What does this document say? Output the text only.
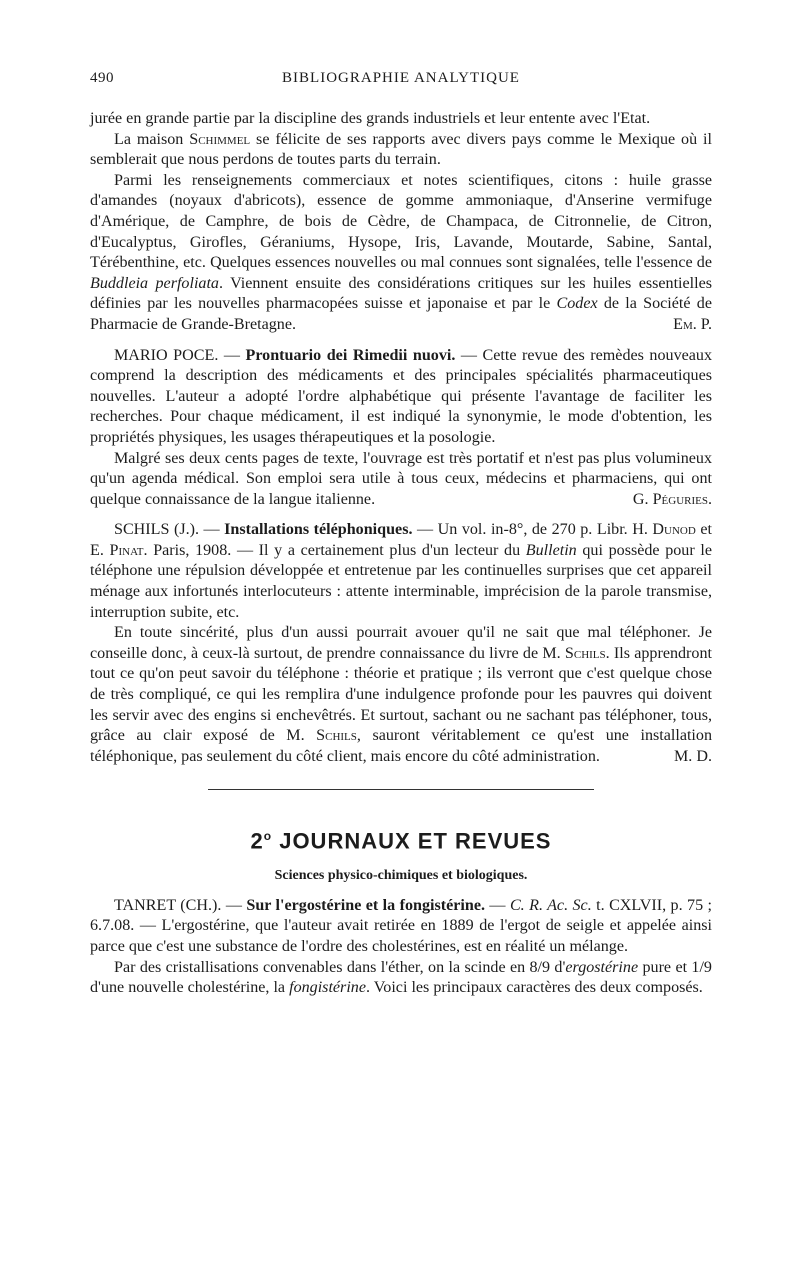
490	BIBLIOGRAPHIE ANALYTIQUE

jurée en grande partie par la discipline des grands industriels et leur entente avec l'Etat.

La maison Schimmel se félicite de ses rapports avec divers pays comme le Mexique où il semblerait que nous perdons de toutes parts du terrain.

Parmi les renseignements commerciaux et notes scientifiques, citons : huile grasse d'amandes (noyaux d'abricots), essence de gomme ammoniaque, d'Anserine vermifuge d'Amérique, de Camphre, de bois de Cèdre, de Champaca, de Citronnelie, de Citron, d'Eucalyptus, Girofles, Géraniums, Hysope, Iris, Lavande, Moutarde, Sabine, Santal, Térébenthine, etc. Quelques essences nouvelles ou mal connues sont signalées, telle l'essence de Buddleia perfoliata. Viennent ensuite des considérations critiques sur les huiles essentielles définies par les nouvelles pharmacopées suisse et japonaise et par le Codex de la Société de Pharmacie de Grande-Bretagne.	Em. P.

MARIO POCE. — Prontuario dei Rimedii nuovi. — Cette revue des remèdes nouveaux comprend la description des médicaments et des principales spécialités pharmaceutiques nouvelles. L'auteur a adopté l'ordre alphabétique qui présente l'avantage de faciliter les recherches. Pour chaque médicament, il est indiqué la synonymie, le mode d'obtention, les propriétés physiques, les usages thérapeutiques et la posologie.

Malgré ses deux cents pages de texte, l'ouvrage est très portatif et n'est pas plus volumineux qu'un agenda médical. Son emploi sera utile à tous ceux, médecins et pharmaciens, qui ont quelque connaissance de la langue italienne.	G. Péguries.

SCHILS (J.). — Installations téléphoniques. — Un vol. in-8°, de 270 p. Libr. H. Dunod et E. Pinat. Paris, 1908. — Il y a certainement plus d'un lecteur du Bulletin qui possède pour le téléphone une répulsion développée et entretenue par les continuelles surprises que cet appareil ménage aux infortunés interlocuteurs : attente interminable, imprécision de la parole transmise, interruption subite, etc.

En toute sincérité, plus d'un aussi pourrait avouer qu'il ne sait que mal téléphoner. Je conseille donc, à ceux-là surtout, de prendre connaissance du livre de M. Schils. Ils apprendront tout ce qu'on peut savoir du téléphone : théorie et pratique ; ils verront que c'est quelque chose de très compliqué, ce qui les remplira d'une indulgence profonde pour les pauvres qui doivent les servir avec des engins si enchevêtrés. Et surtout, sachant ou ne sachant pas téléphoner, tous, grâce au clair exposé de M. Schils, sauront véritablement ce qu'est une installation téléphonique, pas seulement du côté client, mais encore du côté administration.	M. D.

2$^o$ JOURNAUX ET REVUES
Sciences physico-chimiques et biologiques.

TANRET (CH.). — Sur l'ergostérine et la fongistérine. — C. R. Ac. Sc. t. CXLVII, p. 75 ; 6.7.08. — L'ergostérine, que l'auteur avait retirée en 1889 de l'ergot de seigle et appelée ainsi parce que c'est une substance de l'ordre des cholestérines, est en réalité un mélange.

Par des cristallisations convenables dans l'éther, on la scinde en 8/9 d'ergostérine pure et 1/9 d'une nouvelle cholestérine, la fongistérine. Voici les principaux caractères des deux composés.
